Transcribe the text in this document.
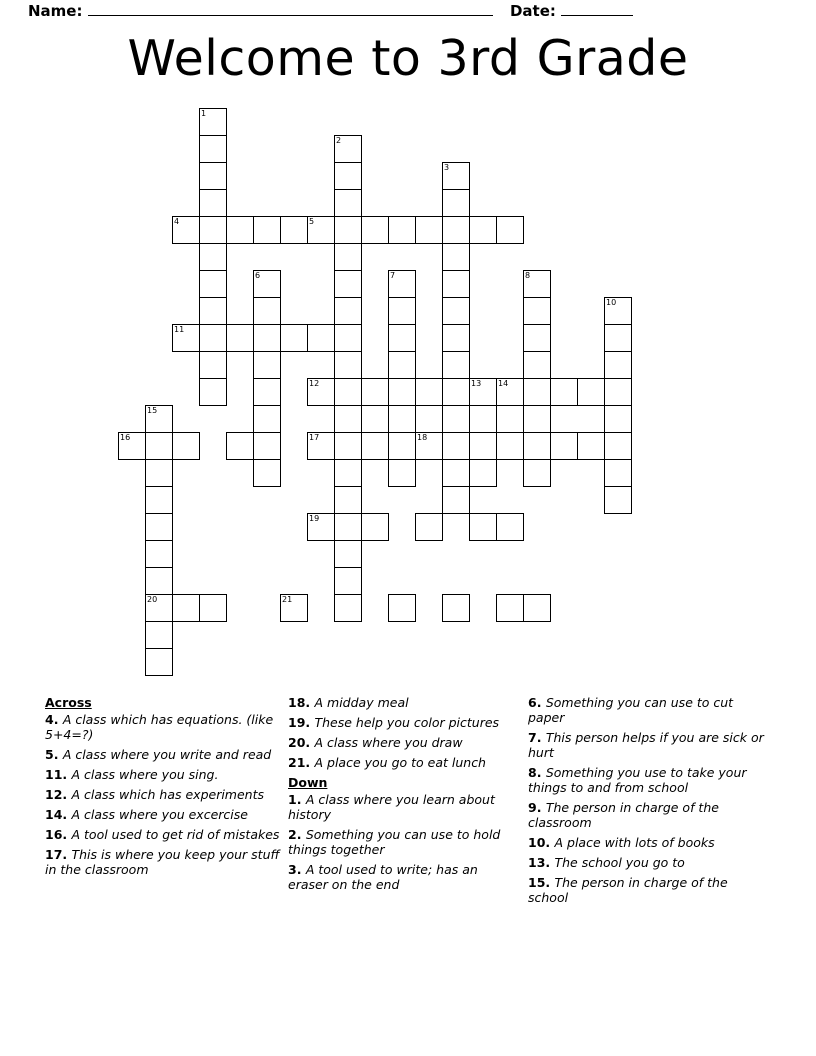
Name:	Date:
Welcome to 3rd Grade
1
2
3
4	5
6	7	8
10
11
12	13 14
15
16	17	18
19
20	21
Across
4. A class which has equations. (like 5+4=?)
5. A class where you write and read
11. A class where you sing.
12. A class which has experiments
14. A class where you excercise
16. A tool used to get rid of mistakes
17. This is where you keep your stuff in the classroom
18. A midday meal
19. These help you color pictures
20. A class where you draw
21. A place you go to eat lunch
Down
1. A class where you learn about history
2. Something you can use to hold things together
3. A tool used to write; has an eraser on the end
6. Something you can use to cut paper
7. This person helps if you are sick or hurt
8. Something you use to take your things to and from school
9. The person in charge of the classroom
10. A place with lots of books
13. The school you go to
15. The person in charge of the school
